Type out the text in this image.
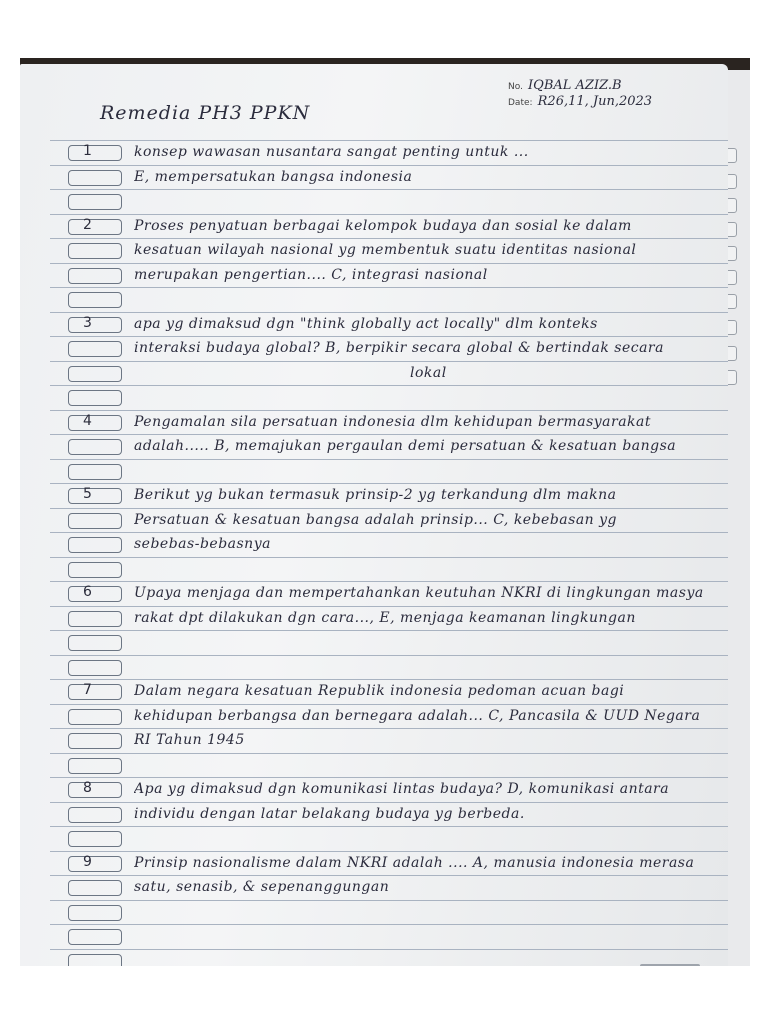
Remedia PH3 PPKN
No. IQBAL AZIZ.B
Date: R26,11, Jun,2023
1
2
3
4
5
6
7
8
9
konsep wawasan nusantara sangat penting untuk ...
E, mempersatukan bangsa indonesia
Proses penyatuan berbagai kelompok budaya dan sosial ke dalam
kesatuan wilayah nasional yg membentuk suatu identitas nasional
merupakan pengertian.... C, integrasi nasional
apa yg dimaksud dgn "think globally act locally" dlm konteks
interaksi budaya global? B, berpikir secara global & bertindak secara
lokal
Pengamalan sila persatuan indonesia dlm kehidupan bermasyarakat
adalah..... B, memajukan pergaulan demi persatuan & kesatuan bangsa
Berikut yg bukan termasuk prinsip-2 yg terkandung dlm makna
Persatuan & kesatuan bangsa adalah prinsip... C, kebebasan yg
sebebas-bebasnya
Upaya menjaga dan mempertahankan keutuhan NKRI di lingkungan masya
rakat dpt dilakukan dgn cara..., E, menjaga keamanan lingkungan
Dalam negara kesatuan Republik indonesia pedoman acuan bagi
kehidupan berbangsa dan bernegara adalah... C, Pancasila & UUD Negara
RI Tahun 1945
Apa yg dimaksud dgn komunikasi lintas budaya? D, komunikasi antara
individu dengan latar belakang budaya yg berbeda.
Prinsip nasionalisme dalam NKRI adalah .... A, manusia indonesia merasa
satu, senasib, & sepenanggungan
